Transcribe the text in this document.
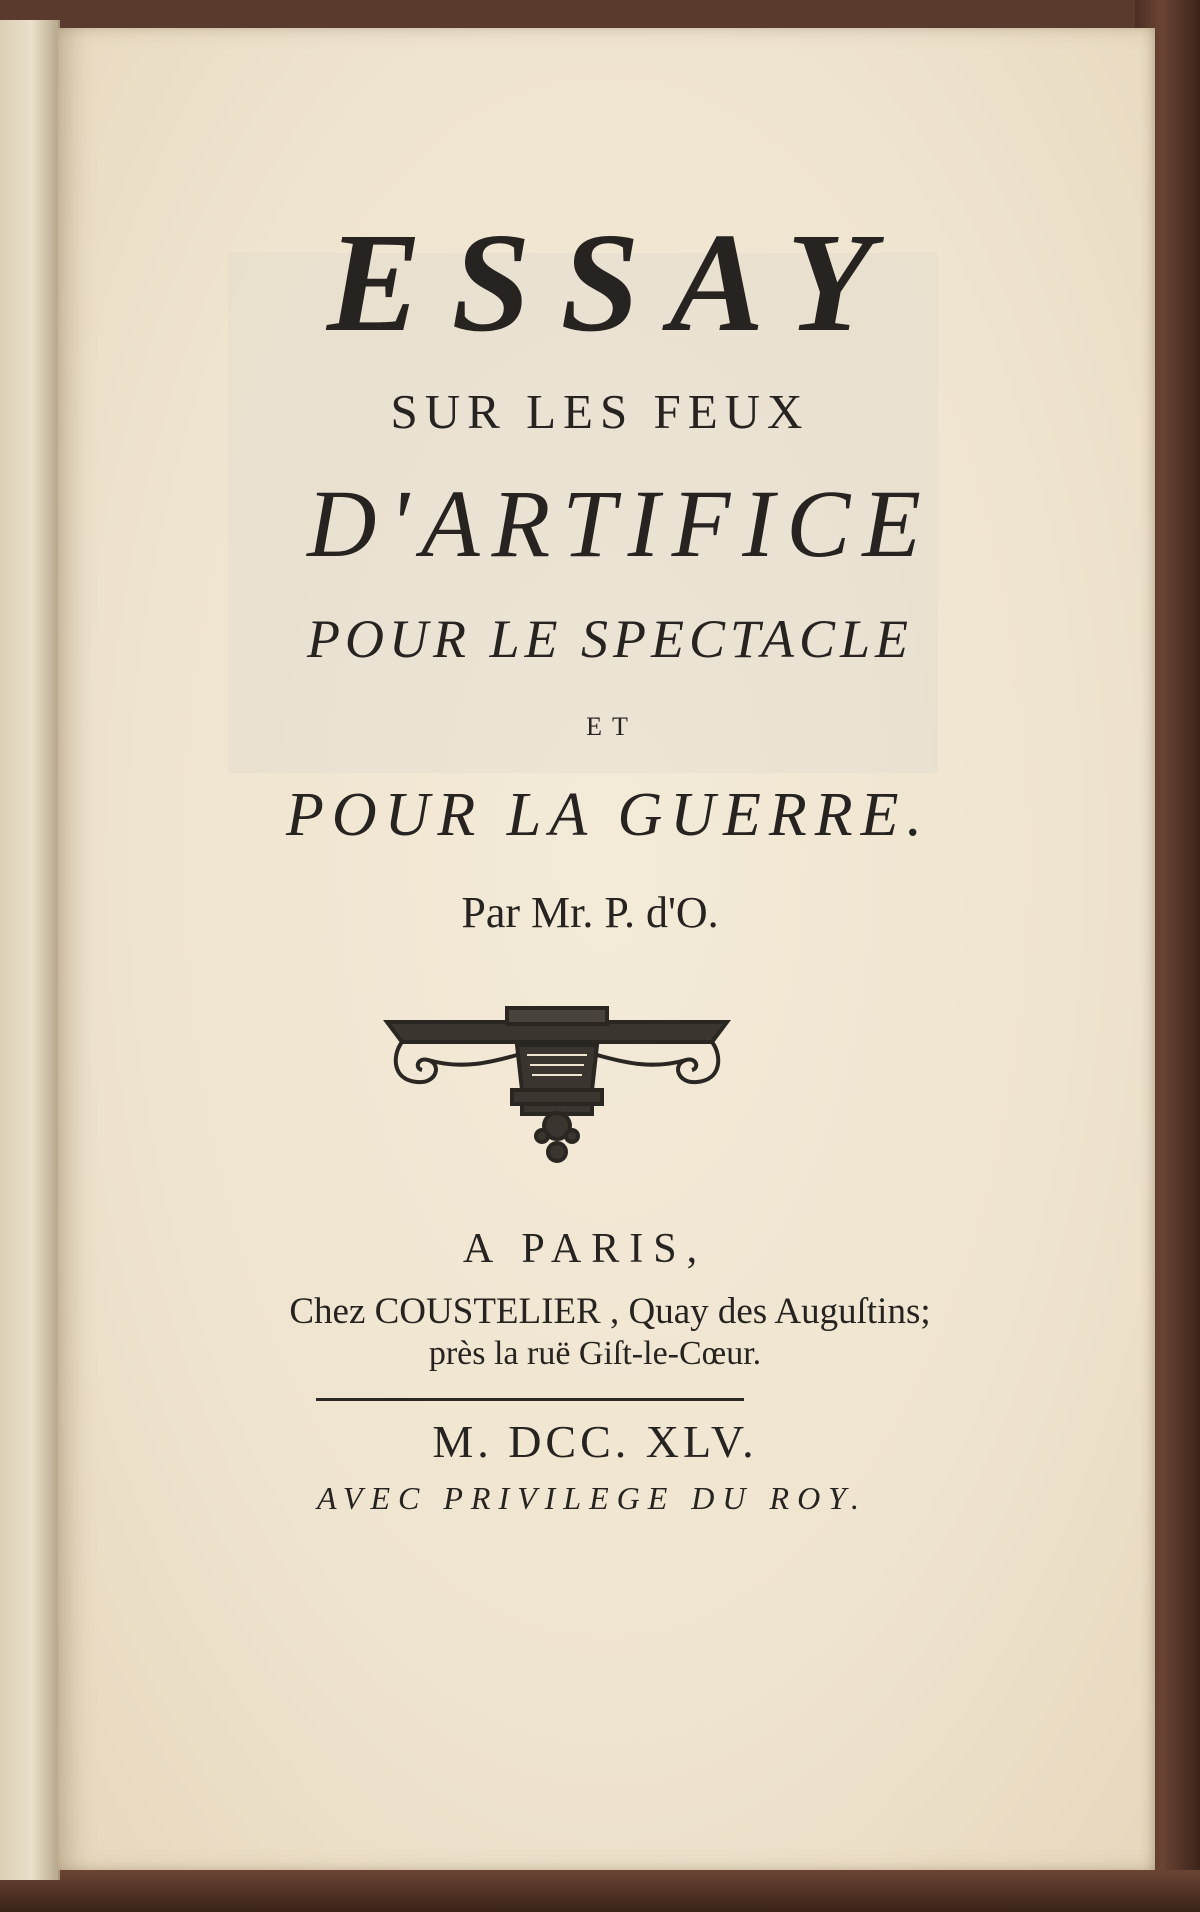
ESSAY

SUR LES FEUX

D'ARTIFICE

POUR LE SPECTACLE

ET

POUR LA GUERRE.

Par Mr. P. d'O.

A PARIS,

Chez COUSTELIER , Quay des Auguſtins;

près la ruë Giſt-le-Cœur.

M. DCC. XLV.

AVEC PRIVILEGE DU ROY.
